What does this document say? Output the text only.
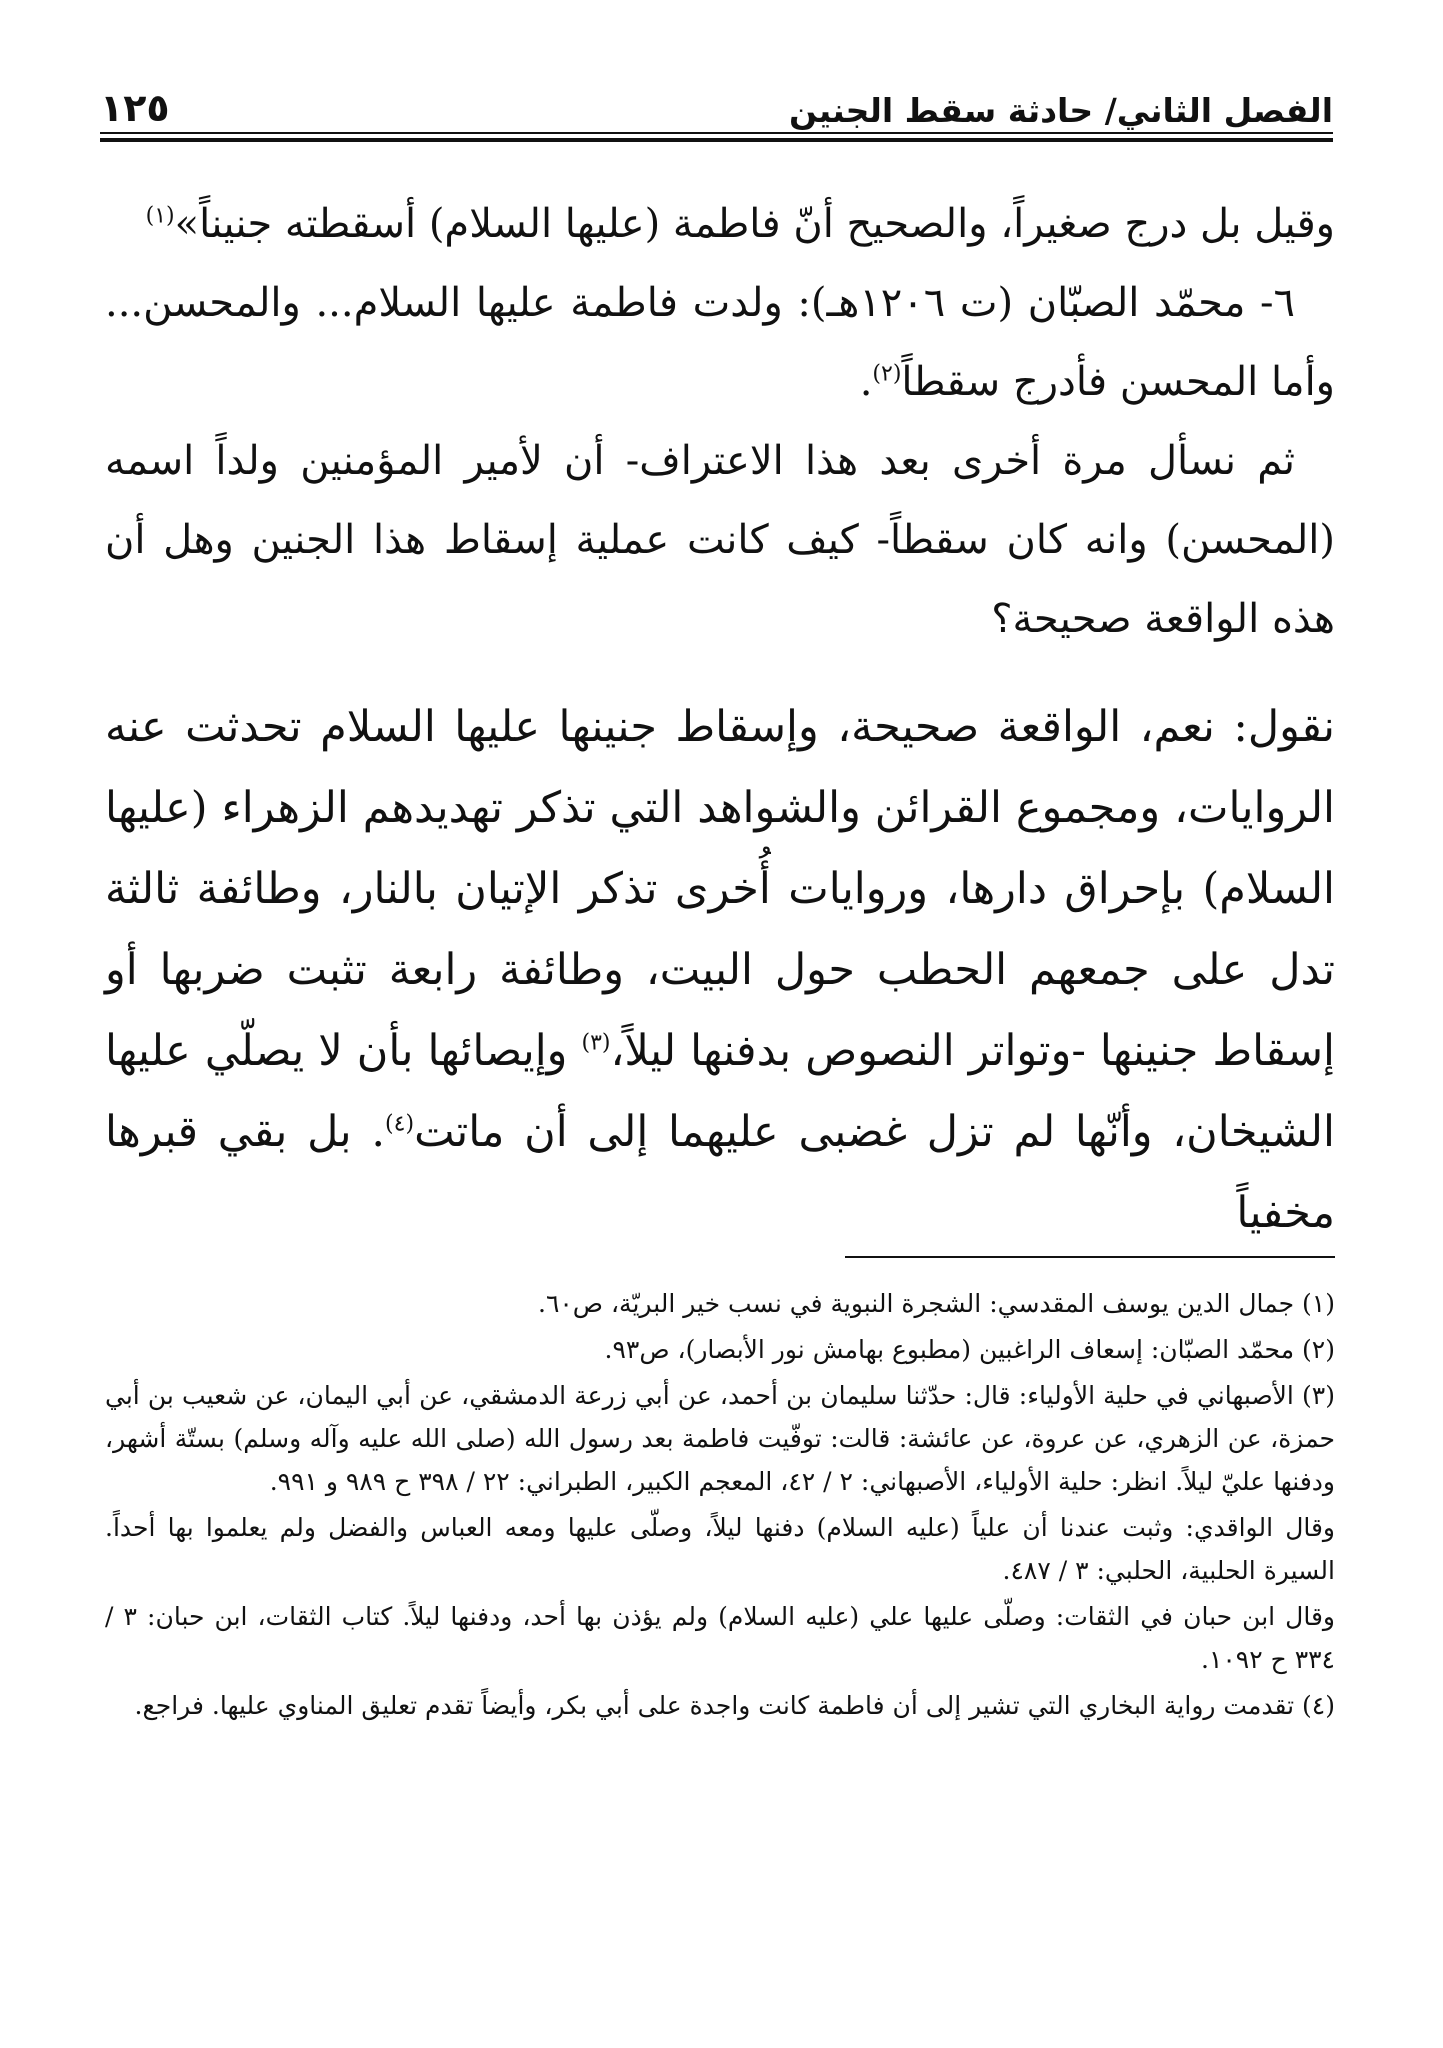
الفصل الثاني/ حادثة سقط الجنين
١٢٥

وقيل بل درج صغيراً، والصحيح أنّ فاطمة (عليها السلام) أسقطته جنيناً»$^{(١)}$

٦- محمّد الصبّان (ت ١٢٠٦هـ): ولدت فاطمة عليها السلام... والمحسن... وأما المحسن فأدرج سقطاً$^{(٢)}$.

ثم نسأل مرة أخرى بعد هذا الاعتراف- أن لأمير المؤمنين ولداً اسمه (المحسن) وانه كان سقطاً- كيف كانت عملية إسقاط هذا الجنين وهل أن هذه الواقعة صحيحة؟

نقول: نعم، الواقعة صحيحة، وإسقاط جنينها عليها السلام تحدثت عنه الروايات، ومجموع القرائن والشواهد التي تذكر تهديدهم الزهراء (عليها السلام) بإحراق دارها، وروايات أُخرى تذكر الإتيان بالنار، وطائفة ثالثة تدل على جمعهم الحطب حول البيت، وطائفة رابعة تثبت ضربها أو إسقاط جنينها -وتواتر النصوص بدفنها ليلاً،$^{(٣)}$ وإيصائها بأن لا يصلّي عليها الشيخان، وأنّها لم تزل غضبى عليهما إلى أن ماتت$^{(٤)}$. بل بقي قبرها مخفياً

(١) جمال الدين يوسف المقدسي: الشجرة النبوية في نسب خير البريّة، ص٦٠.

(٢) محمّد الصبّان: إسعاف الراغبين (مطبوع بهامش نور الأبصار)، ص٩٣.

(٣) الأصبهاني في حلية الأولياء: قال: حدّثنا سليمان بن أحمد، عن أبي زرعة الدمشقي، عن أبي اليمان، عن شعيب بن أبي حمزة، عن الزهري، عن عروة، عن عائشة: قالت: توفّيت فاطمة بعد رسول الله (صلى الله عليه وآله وسلم) بستّة أشهر، ودفنها عليّ ليلاً. انظر: حلية الأولياء، الأصبهاني: ٢ / ٤٢، المعجم الكبير، الطبراني: ٢٢ / ٣٩٨ ح ٩٨٩ و ٩٩١.

وقال الواقدي: وثبت عندنا أن علياً (عليه السلام) دفنها ليلاً، وصلّى عليها ومعه العباس والفضل ولم يعلموا بها أحداً. السيرة الحلبية، الحلبي: ٣ / ٤٨٧.

وقال ابن حبان في الثقات: وصلّى عليها علي (عليه السلام) ولم يؤذن بها أحد، ودفنها ليلاً. كتاب الثقات، ابن حبان: ٣ / ٣٣٤ ح ١٠٩٢.

(٤) تقدمت رواية البخاري التي تشير إلى أن فاطمة كانت واجدة على أبي بكر، وأيضاً تقدم تعليق المناوي عليها. فراجع.
